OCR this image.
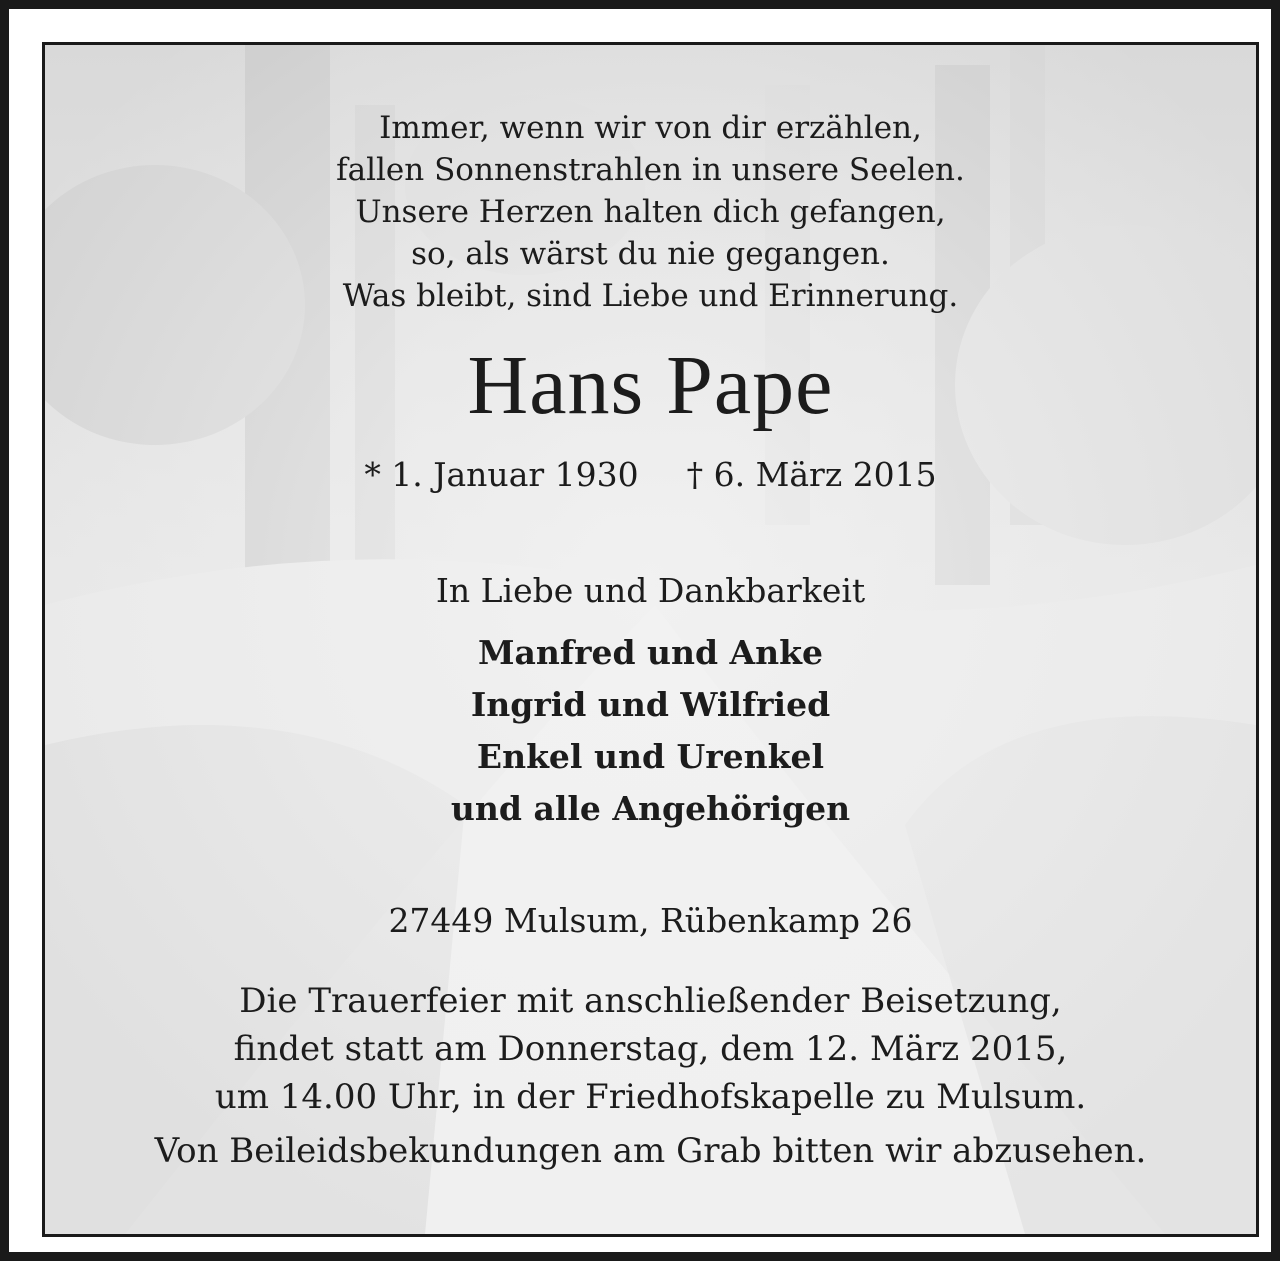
Immer, wenn wir von dir erzählen,
fallen Sonnenstrahlen in unsere Seelen.
Unsere Herzen halten dich gefangen,
so, als wärst du nie gegangen.
Was bleibt, sind Liebe und Erinnerung.
Hans Pape
* 1. Januar 1930 † 6. März 2015
In Liebe und Dankbarkeit
Manfred und Anke
Ingrid und Wilfried
Enkel und Urenkel
und alle Angehörigen
27449 Mulsum, Rübenkamp 26
Die Trauerfeier mit anschließender Beisetzung,
findet statt am Donnerstag, dem 12. März 2015,
um 14.00 Uhr, in der Friedhofskapelle zu Mulsum.
Von Beileidsbekundungen am Grab bitten wir abzusehen.
